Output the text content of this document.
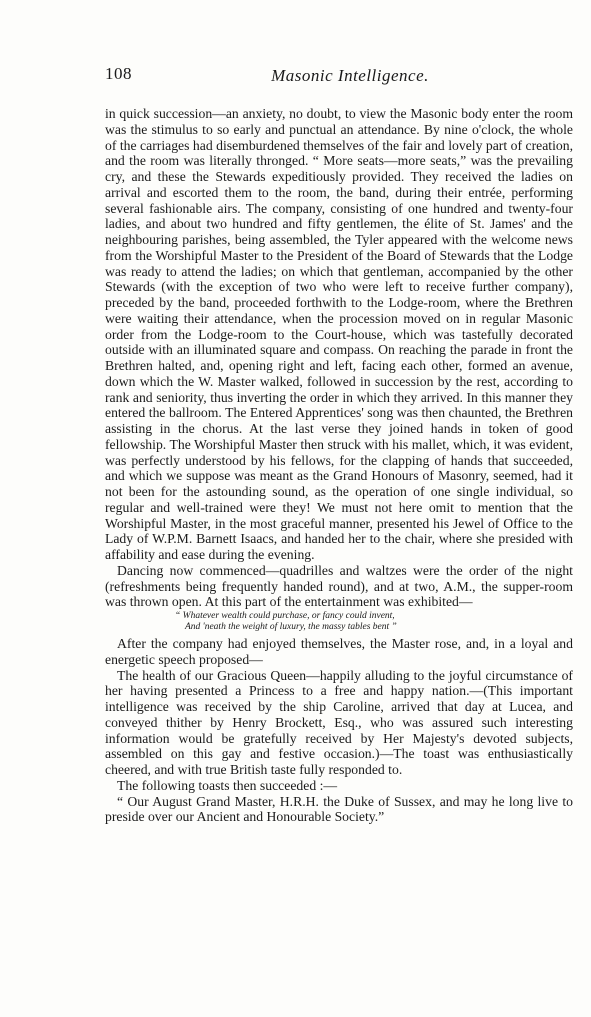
108	Masonic Intelligence.

in quick succession—an anxiety, no doubt, to view the Masonic body enter the room was the stimulus to so early and punctual an attendance. By nine o'clock, the whole of the carriages had disemburdened themselves of the fair and lovely part of creation, and the room was literally thronged. “ More seats—more seats,” was the prevailing cry, and these the Stewards expeditiously provided. They received the ladies on arrival and escorted them to the room, the band, during their entrée, performing several fashionable airs. The company, consisting of one hundred and twenty-four ladies, and about two hundred and fifty gentlemen, the élite of St. James' and the neighbouring parishes, being assembled, the Tyler appeared with the welcome news from the Worshipful Master to the President of the Board of Stewards that the Lodge was ready to attend the ladies; on which that gentleman, accompanied by the other Stewards (with the exception of two who were left to receive further company), preceded by the band, proceeded forthwith to the Lodge-room, where the Brethren were waiting their attendance, when the procession moved on in regular Masonic order from the Lodge-room to the Court-house, which was tastefully decorated outside with an illuminated square and compass. On reaching the parade in front the Brethren halted, and, opening right and left, facing each other, formed an avenue, down which the W. Master walked, followed in succession by the rest, according to rank and seniority, thus inverting the order in which they arrived. In this manner they entered the ballroom. The Entered Apprentices' song was then chaunted, the Brethren assisting in the chorus. At the last verse they joined hands in token of good fellowship. The Worshipful Master then struck with his mallet, which, it was evident, was perfectly understood by his fellows, for the clapping of hands that succeeded, and which we suppose was meant as the Grand Honours of Masonry, seemed, had it not been for the astounding sound, as the operation of one single individual, so regular and well-trained were they! We must not here omit to mention that the Worshipful Master, in the most graceful manner, presented his Jewel of Office to the Lady of W.P.M. Barnett Isaacs, and handed her to the chair, where she presided with affability and ease during the evening.

Dancing now commenced—quadrilles and waltzes were the order of the night (refreshments being frequently handed round), and at two, A.M., the supper-room was thrown open. At this part of the entertainment was exhibited—

“ Whatever wealth could purchase, or fancy could invent,
And 'neath the weight of luxury, the massy tables bent ”

After the company had enjoyed themselves, the Master rose, and, in a loyal and energetic speech proposed—

The health of our Gracious Queen—happily alluding to the joyful circumstance of her having presented a Princess to a free and happy nation.—(This important intelligence was received by the ship Caroline, arrived that day at Lucea, and conveyed thither by Henry Brockett, Esq., who was assured such interesting information would be gratefully received by Her Majesty's devoted subjects, assembled on this gay and festive occasion.)—The toast was enthusiastically cheered, and with true British taste fully responded to.

The following toasts then succeeded :—

“ Our August Grand Master, H.R.H. the Duke of Sussex, and may he long live to preside over our Ancient and Honourable Society.”
